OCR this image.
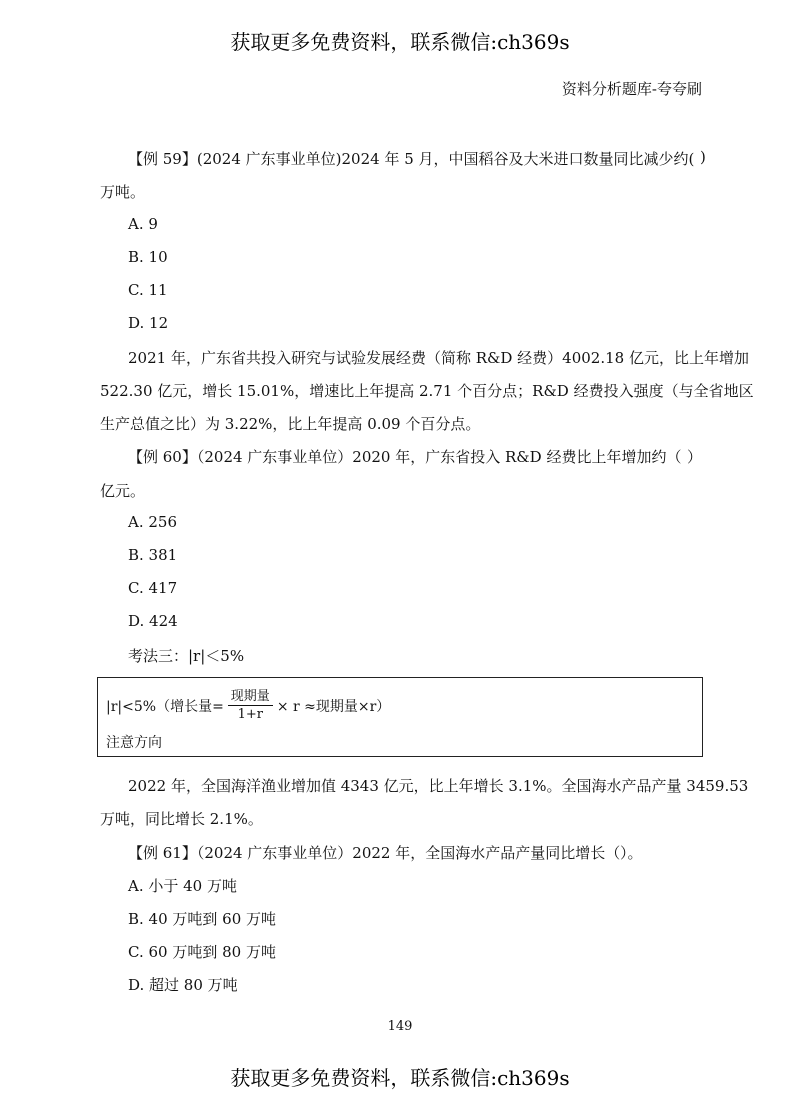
获取更多免费资料，联系微信:ch369s
资料分析题库-夸夸刷
【例 59】(2024 广东事业单位)2024 年 5 月，中国稻谷及大米进口数量同比减少约( )
万吨。
A. 9
B. 10
C. 11
D. 12
2021 年，广东省共投入研究与试验发展经费（简称 R&D 经费）4002.18 亿元，比上年增加
522.30 亿元，增长 15.01%，增速比上年提高 2.71 个百分点；R&D 经费投入强度（与全省地区
生产总值之比）为 3.22%，比上年提高 0.09 个百分点。
【例 60】（2024 广东事业单位）2020 年，广东省投入 R&D 经费比上年增加约（ ）
亿元。
A. 256
B. 381
C. 417
D. 424
考法三：|r|＜5%
|r|<5%（增长量= $\frac{\text{现期量}}{1+r} \times r$ ≈现期量×r）
注意方向
2022 年，全国海洋渔业增加值 4343 亿元，比上年增长 3.1%。全国海水产品产量 3459.53
万吨，同比增长 2.1%。
【例 61】（2024 广东事业单位）2022 年，全国海水产品产量同比增长（ ）。
A. 小于 40 万吨
B. 40 万吨到 60 万吨
C. 60 万吨到 80 万吨
D. 超过 80 万吨
149
获取更多免费资料，联系微信:ch369s
